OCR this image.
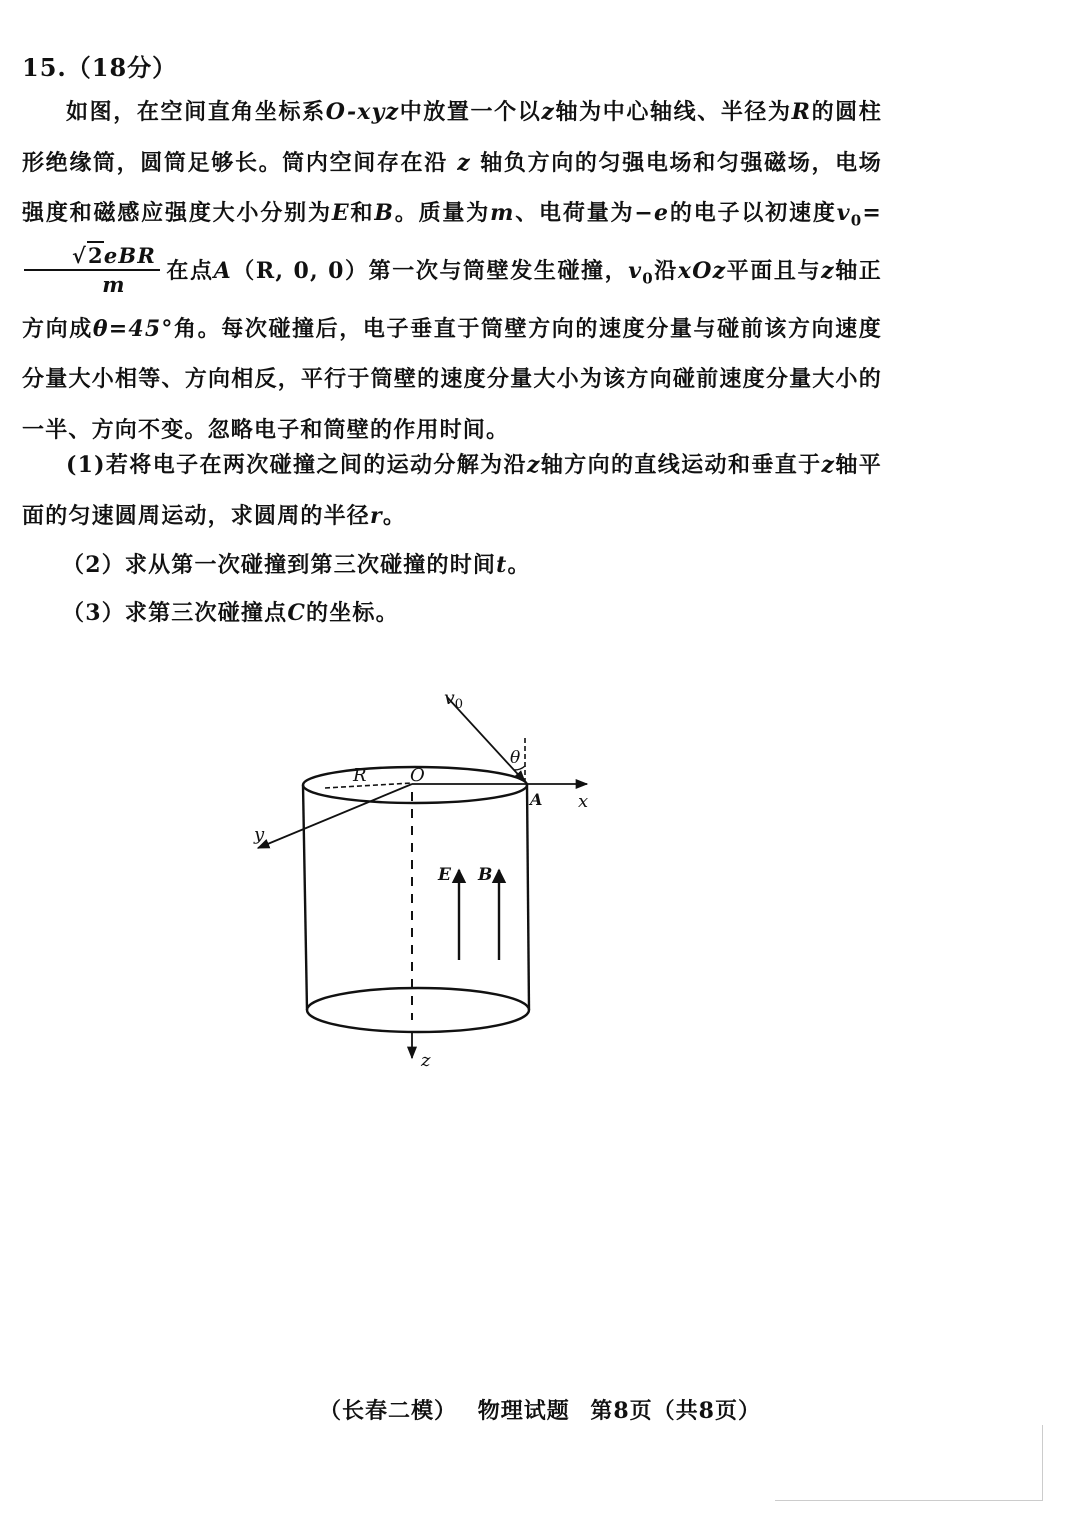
15.（18分）
如图，在空间直角坐标系O-xyz中放置一个以z轴为中心轴线、半径为R的圆柱形绝缘筒，圆筒足够长。筒内空间存在沿 z 轴负方向的匀强电场和匀强磁场，电场强度和磁感应强度大小分别为E和B。质量为m、电荷量为−e的电子以初速度$v_0=$
$\frac{\text{√2eBR}}{m}$ 在点A（R, 0, 0）第一次与筒壁发生碰撞，$v_0$沿xOz平面且与z轴正方向成θ=45°角。每次碰撞后，电子垂直于筒壁方向的速度分量与碰前该方向速度分量大小相等、方向相反，平行于筒壁的速度分量大小为该方向碰前速度分量大小的一半、方向不变。忽略电子和筒壁的作用时间。
(1)若将电子在两次碰撞之间的运动分解为沿z轴方向的直线运动和垂直于z轴平面的匀速圆周运动，求圆周的半径r。
（2）求从第一次碰撞到第三次碰撞的时间t。
（3）求第三次碰撞点C的坐标。
$v_0$
θ
R O
A x
y
E B
z
（长春二模） 物理试题 第8页（共8页）
